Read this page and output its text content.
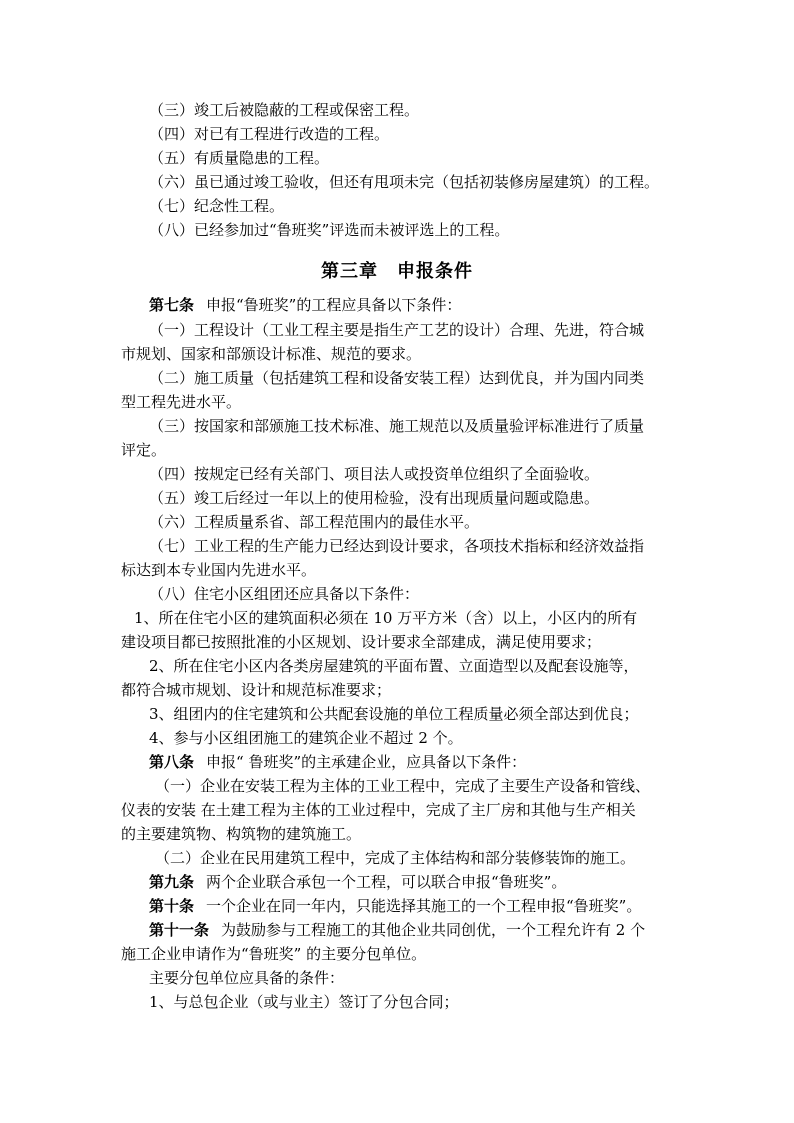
（三）竣工后被隐蔽的工程或保密工程。
（四）对已有工程进行改造的工程。
（五）有质量隐患的工程。
（六）虽已通过竣工验收，但还有甩项未完（包括初装修房屋建筑）的工程。
（七）纪念性工程。
（八）已经参加过“鲁班奖”评选而未被评选上的工程。
第三章　申报条件
第七条 申报“鲁班奖”的工程应具备以下条件：
（一）工程设计（工业工程主要是指生产工艺的设计）合理、先进，符合城
市规划、国家和部颁设计标准、规范的要求。
（二）施工质量（包括建筑工程和设备安装工程）达到优良，并为国内同类
型工程先进水平。
（三）按国家和部颁施工技术标准、施工规范以及质量验评标准进行了质量
评定。
（四）按规定已经有关部门、项目法人或投资单位组织了全面验收。
（五）竣工后经过一年以上的使用检验，没有出现质量问题或隐患。
（六）工程质量系省、部工程范围内的最佳水平。
（七）工业工程的生产能力已经达到设计要求，各项技术指标和经济效益指
标达到本专业国内先进水平。
（八）住宅小区组团还应具备以下条件：
1、所在住宅小区的建筑面积必须在 10 万平方米（含）以上，小区内的所有
建设项目都已按照批准的小区规划、设计要求全部建成，满足使用要求；
2、所在住宅小区内各类房屋建筑的平面布置、立面造型以及配套设施等，
都符合城市规划、设计和规范标准要求；
3、组团内的住宅建筑和公共配套设施的单位工程质量必须全部达到优良；
4、参与小区组团施工的建筑企业不超过 2 个。
第八条 申报“ 鲁班奖”的主承建企业，应具备以下条件：
（一）企业在安装工程为主体的工业工程中，完成了主要生产设备和管线、
仪表的安装 在土建工程为主体的工业过程中，完成了主厂房和其他与生产相关
的主要建筑物、构筑物的建筑施工。
（二）企业在民用建筑工程中，完成了主体结构和部分装修装饰的施工。
第九条 两个企业联合承包一个工程，可以联合申报“鲁班奖”。
第十条 一个企业在同一年内，只能选择其施工的一个工程申报“鲁班奖”。
第十一条 为鼓励参与工程施工的其他企业共同创优，一个工程允许有 2 个
施工企业申请作为“鲁班奖” 的主要分包单位。
主要分包单位应具备的条件：
1、与总包企业（或与业主）签订了分包合同；
